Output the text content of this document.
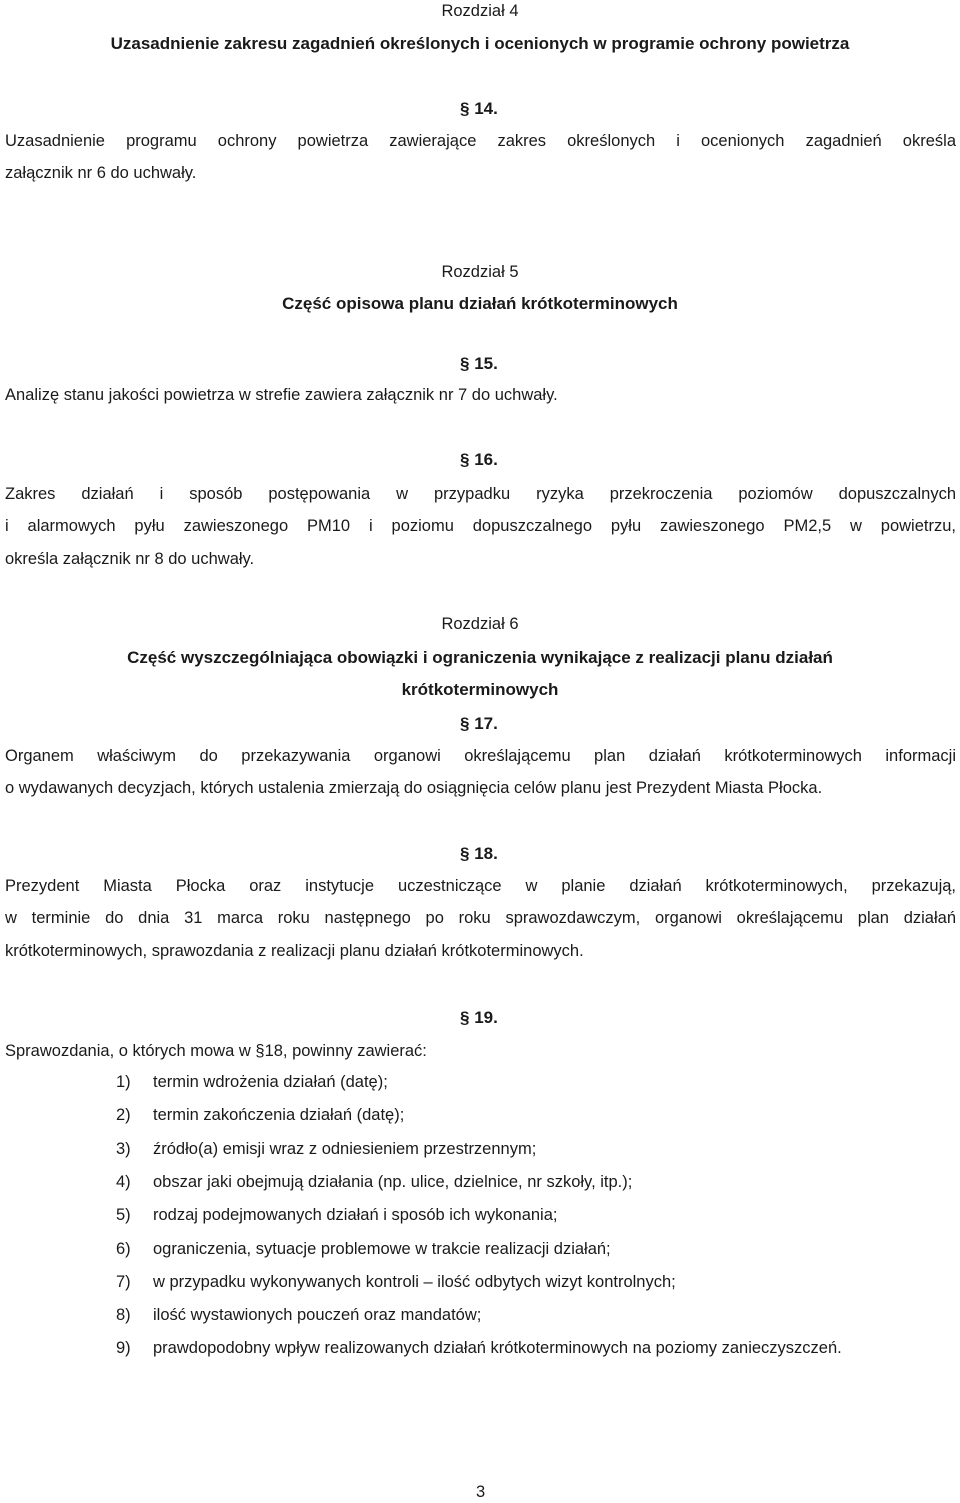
Rozdział 4
Uzasadnienie zakresu zagadnień określonych i ocenionych w programie ochrony powietrza
§ 14.
Uzasadnienie programu ochrony powietrza zawierające zakres określonych i ocenionych zagadnień określa
załącznik nr 6 do uchwały.
Rozdział 5
Część opisowa planu działań krótkoterminowych
§ 15.
Analizę stanu jakości powietrza w strefie zawiera załącznik nr 7 do uchwały.
§ 16.
Zakres działań i sposób postępowania w przypadku ryzyka przekroczenia poziomów dopuszczalnych
i alarmowych pyłu zawieszonego PM10 i poziomu dopuszczalnego pyłu zawieszonego PM2,5 w powietrzu,
określa załącznik nr 8 do uchwały.
Rozdział 6
Część wyszczególniająca obowiązki i ograniczenia wynikające z realizacji planu działań
krótkoterminowych
§ 17.
Organem właściwym do przekazywania organowi określającemu plan działań krótkoterminowych informacji
o wydawanych decyzjach, których ustalenia zmierzają do osiągnięcia celów planu jest Prezydent Miasta Płocka.
§ 18.
Prezydent Miasta Płocka oraz instytucje uczestniczące w planie działań krótkoterminowych, przekazują,
w terminie do dnia 31 marca roku następnego po roku sprawozdawczym, organowi określającemu plan działań
krótkoterminowych, sprawozdania z realizacji planu działań krótkoterminowych.
§ 19.
Sprawozdania, o których mowa w §18, powinny zawierać:
1) termin wdrożenia działań (datę);
2) termin zakończenia działań (datę);
3) źródło(a) emisji wraz z odniesieniem przestrzennym;
4) obszar jaki obejmują działania (np. ulice, dzielnice, nr szkoły, itp.);
5) rodzaj podejmowanych działań i sposób ich wykonania;
6) ograniczenia, sytuacje problemowe w trakcie realizacji działań;
7) w przypadku wykonywanych kontroli – ilość odbytych wizyt kontrolnych;
8) ilość wystawionych pouczeń oraz mandatów;
9) prawdopodobny wpływ realizowanych działań krótkoterminowych na poziomy zanieczyszczeń.
3
